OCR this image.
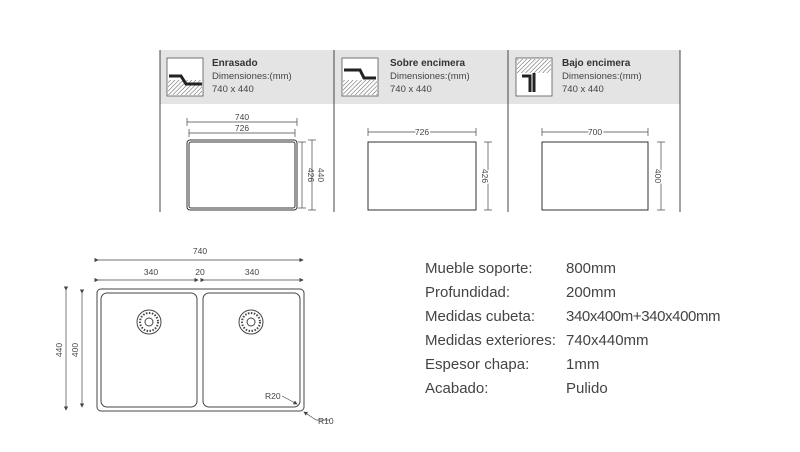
Enrasado
Dimensiones:(mm)
740 x 440
740
726
440
426
Sobre encimera
Dimensiones:(mm)
740 x 440
726
426
Bajo encimera
Dimensiones:(mm)
740 x 440
700
400
740
340	20	340
440 400
R20
R10
Mueble soporte: 800mm
Profundidad:	200mm
Medidas cubeta: 340x400m+340x400mm
Medidas exteriores: 740x440mm
Espesor chapa: 1mm
Acabado:	Pulido
